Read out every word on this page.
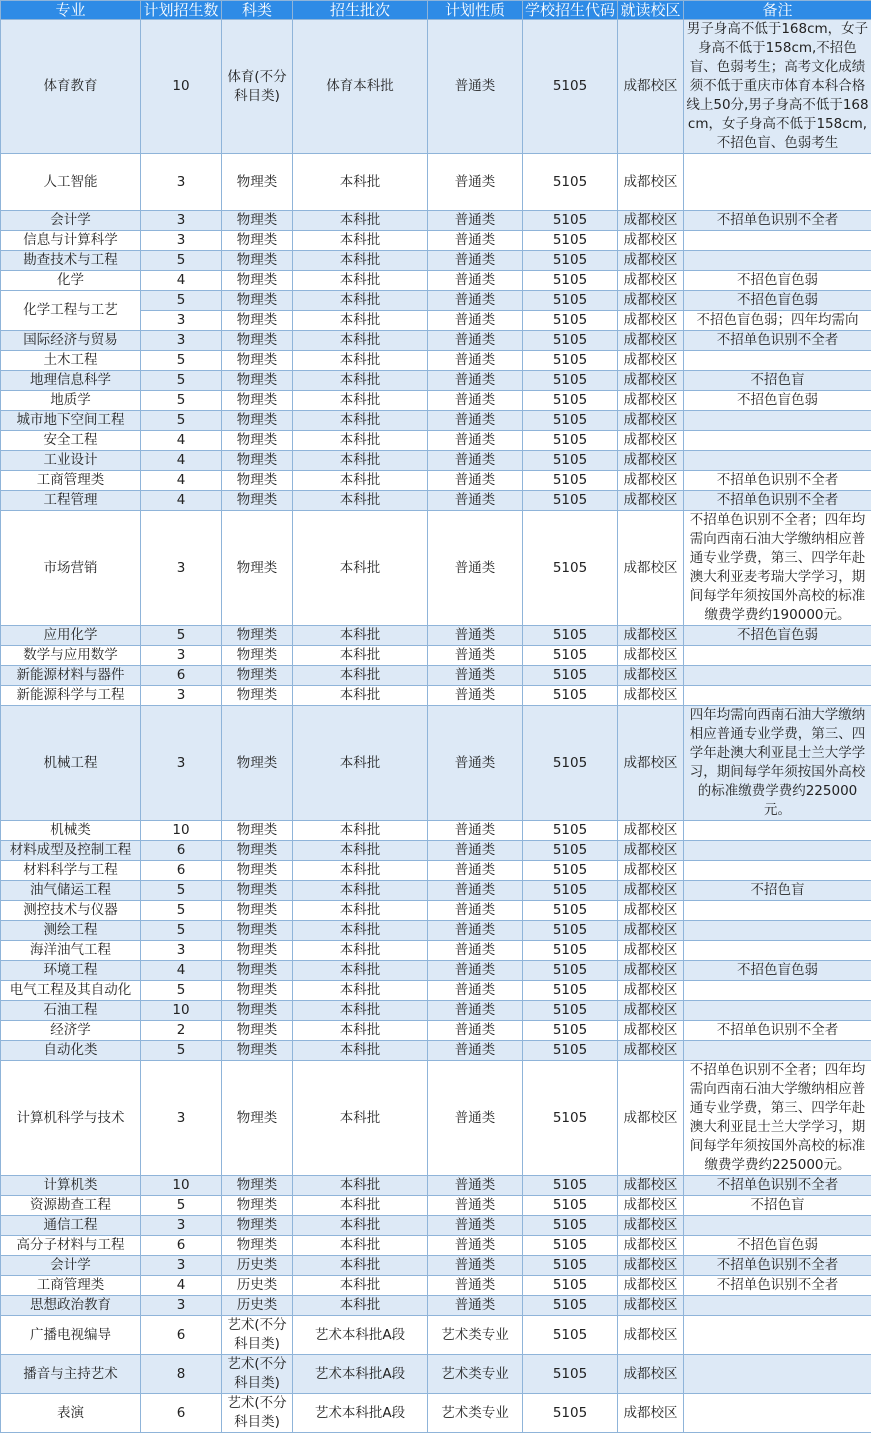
专业	计划招生数	科类	招生批次	计划性质	学校招生代码	就读校区	备注
体育教育	10	体育(不分科目类)	体育本科批	普通类	5105	成都校区	男子身高不低于168cm，女子身高不低于158cm,不招色盲、色弱考生；高考文化成绩须不低于重庆市体育本科合格线上50分,男子身高不低于168cm，女子身高不低于158cm,不招色盲、色弱考生
人工智能	3	物理类	本科批	普通类	5105	成都校区	
会计学	3	物理类	本科批	普通类	5105	成都校区	不招单色识别不全者
信息与计算科学	3	物理类	本科批	普通类	5105	成都校区	
勘查技术与工程	5	物理类	本科批	普通类	5105	成都校区	
化学	4	物理类	本科批	普通类	5105	成都校区	不招色盲色弱
化学工程与工艺	5	物理类	本科批	普通类	5105	成都校区	不招色盲色弱
	3	物理类	本科批	普通类	5105	成都校区	不招色盲色弱；四年均需向
国际经济与贸易	3	物理类	本科批	普通类	5105	成都校区	不招单色识别不全者
土木工程	5	物理类	本科批	普通类	5105	成都校区	
地理信息科学	5	物理类	本科批	普通类	5105	成都校区	不招色盲
地质学	5	物理类	本科批	普通类	5105	成都校区	不招色盲色弱
城市地下空间工程	5	物理类	本科批	普通类	5105	成都校区	
安全工程	4	物理类	本科批	普通类	5105	成都校区	
工业设计	4	物理类	本科批	普通类	5105	成都校区	
工商管理类	4	物理类	本科批	普通类	5105	成都校区	不招单色识别不全者
工程管理	4	物理类	本科批	普通类	5105	成都校区	不招单色识别不全者
市场营销	3	物理类	本科批	普通类	5105	成都校区	不招单色识别不全者；四年均需向西南石油大学缴纳相应普通专业学费，第三、四学年赴澳大利亚麦考瑞大学学习，期间每学年须按国外高校的标准缴费学费约190000元。
应用化学	5	物理类	本科批	普通类	5105	成都校区	不招色盲色弱
数学与应用数学	3	物理类	本科批	普通类	5105	成都校区	
新能源材料与器件	6	物理类	本科批	普通类	5105	成都校区	
新能源科学与工程	3	物理类	本科批	普通类	5105	成都校区	
机械工程	3	物理类	本科批	普通类	5105	成都校区	四年均需向西南石油大学缴纳相应普通专业学费，第三、四学年赴澳大利亚昆士兰大学学习，期间每学年须按国外高校的标准缴费学费约225000元。
机械类	10	物理类	本科批	普通类	5105	成都校区	
材料成型及控制工程	6	物理类	本科批	普通类	5105	成都校区	
材料科学与工程	6	物理类	本科批	普通类	5105	成都校区	
油气储运工程	5	物理类	本科批	普通类	5105	成都校区	不招色盲
测控技术与仪器	5	物理类	本科批	普通类	5105	成都校区	
测绘工程	5	物理类	本科批	普通类	5105	成都校区	
海洋油气工程	3	物理类	本科批	普通类	5105	成都校区	
环境工程	4	物理类	本科批	普通类	5105	成都校区	不招色盲色弱
电气工程及其自动化	5	物理类	本科批	普通类	5105	成都校区	
石油工程	10	物理类	本科批	普通类	5105	成都校区	
经济学	2	物理类	本科批	普通类	5105	成都校区	不招单色识别不全者
自动化类	5	物理类	本科批	普通类	5105	成都校区	
计算机科学与技术	3	物理类	本科批	普通类	5105	成都校区	不招单色识别不全者；四年均需向西南石油大学缴纳相应普通专业学费，第三、四学年赴澳大利亚昆士兰大学学习，期间每学年须按国外高校的标准缴费学费约225000元。
计算机类	10	物理类	本科批	普通类	5105	成都校区	不招单色识别不全者
资源勘查工程	5	物理类	本科批	普通类	5105	成都校区	不招色盲
通信工程	3	物理类	本科批	普通类	5105	成都校区	
高分子材料与工程	6	物理类	本科批	普通类	5105	成都校区	不招色盲色弱
会计学	3	历史类	本科批	普通类	5105	成都校区	不招单色识别不全者
工商管理类	4	历史类	本科批	普通类	5105	成都校区	不招单色识别不全者
思想政治教育	3	历史类	本科批	普通类	5105	成都校区	
广播电视编导	6	艺术(不分科目类)	艺术本科批A段	艺术类专业	5105	成都校区	
播音与主持艺术	8	艺术(不分科目类)	艺术本科批A段	艺术类专业	5105	成都校区	
表演	6	艺术(不分科目类)	艺术本科批A段	艺术类专业	5105	成都校区	
